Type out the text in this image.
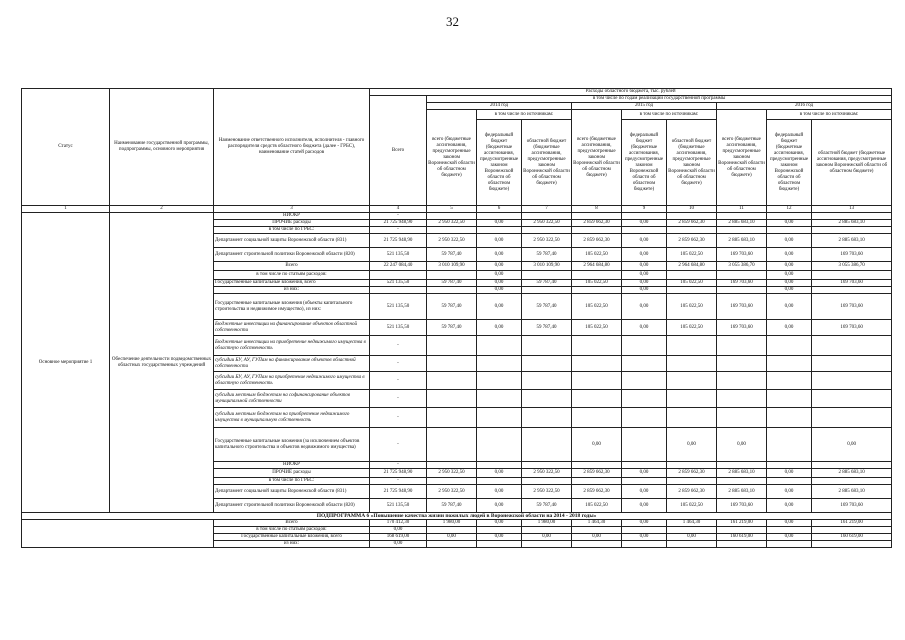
32
Статус	Наименование государственной программы, подпрограммы, основного мероприятия	Наименование ответственного исполнителя, исполнителя - главного распорядителя средств областного бюджета (далее - ГРБС), наименование статей расходов	Расходы областного бюджета, тыс. рублей									
			Всего	в том числе по годам реализации государственной программы								
				2014 год			2015 год			2016 год		
				всего (бюджетные ассигнования, предусмотренные законом Воронежской области об областном бюджете)	в том числе по источникам:		всего (бюджетные ассигнования, предусмотренные законом Воронежской области об областном бюджете)	в том числе по источникам:		всего (бюджетные ассигнования, предусмотренные законом Воронежской области об областном бюджете)	в том числе по источникам:	
					федеральный бюджет (бюджетные ассигнования, предусмотренные законом Воронежской области об областном бюджете)	областной бюджет (бюджетные ассигнования, предусмотренные законом Воронежской области об областном бюджете)		федеральный бюджет (бюджетные ассигнования, предусмотренные законом Воронежской области об областном бюджете)	областной бюджет (бюджетные ассигнования, предусмотренные законом Воронежской области об областном бюджете)		федеральный бюджет (бюджетные ассигнования, предусмотренные законом Воронежской области об областном бюджете)	областной бюджет (бюджетные ассигнования, предусмотренные законом Воронежской области об областном бюджете)
1	2	3	4	5	6	7	8	9	10	11	12	13
Основное мероприятие 1	Обеспечение деятельности подведомственных областных государственных учреждений	НИОКР	-									
		ПРОЧИЕ расходы	21 725 948,90	2 950 322,50	0,00	2 950 322,50	2 859 662,30	0,00	2 859 662,30	2 885 683,10	0,00	2 885 683,10
		в том числе по ГРБС:	-									
		Департамент социальной защиты Воронежской области (831)	21 725 948,90	2 950 322,50	0,00	2 950 322,50	2 859 662,30	0,00	2 859 662,30	2 885 683,10	0,00	2 885 683,10
		Департамент строительной политики Воронежской области (820)	521 135,50	59 787,40	0,00	59 787,40	105 022,50	0,00	105 022,50	169 703,60	0,00	169 703,60
		Всего	22 247 084,40	3 010 109,90	0,00	3 010 109,90	2 964 684,80	0,00	2 964 684,80	3 055 386,70	0,00	3 055 386,70
		в том числе по статьям расходов:			0,00			0,00			0,00	
		Государственные капитальные вложения, всего	521 135,50	59 787,40	0,00	59 787,40	105 022,50	0,00	105 022,50	169 703,60	0,00	169 703,60
		из них:			0,00			0,00			0,00	
		Государственные капитальные вложения (объекты капитального строительства и недвижимое имущество), из них:	521 135,50	59 787,40	0,00	59 787,40	105 022,50	0,00	105 022,50	169 703,60	0,00	169 703,60
		Бюджетные инвестиции на финансирование объектов областной собственности	521 135,50	59 787,40	0,00	59 787,40	105 022,50	0,00	105 022,50	169 703,60	0,00	169 703,60
		Бюджетные инвестиции на приобретение недвижимого имущества в областную собственность	-									
		субсидии БУ, АУ, ГУПам на финансирование объектов областной собственности	-									
		субсидии БУ, АУ, ГУПам на приобретение недвижимого имущества в областную собственность	-									
		субсидии местным бюджетам на софинансирование объектов муниципальной собственности	-									
		субсидии местным бюджетам на приобретение недвижимого имущества в муниципальную собственность	-									
		Государственные капитальные вложения (за исключением объектов капитального строительства и объектов недвижимого имущества)	-				0,00		0,00	0,00		0,00
		НИОКР	-									
		ПРОЧИЕ расходы	21 725 948,90	2 950 322,50	0,00	2 950 322,50	2 859 662,30	0,00	2 859 662,30	2 885 683,10	0,00	2 885 683,10
		в том числе по ГРБС:	-									
		Департамент социальной защиты Воронежской области (831)	21 725 948,90	2 950 322,50	0,00	2 950 322,50	2 859 662,30	0,00	2 859 662,30	2 885 683,10	0,00	2 885 683,10
		Департамент строительной политики Воронежской области (820)	521 135,50	59 787,40	0,00	59 787,40	105 022,50	0,00	105 022,50	169 703,60	0,00	169 703,60
ПОДПРОГРАММА 6 «Повышение качества жизни пожилых людей в Воронежской области на 2014 - 2018 годы»												
		Всего	170 412,30	1 980,00	0,00	1 980,00	1 464,30	0,00	1 464,30	161 219,00	0,00	161 219,00
		в том числе по статьям расходов:	0,00									
		Государственные капитальные вложения, всего	168 619,00	0,00	0,00	0,00	0,00	0,00	0,00	160 619,00	0,00	160 619,00
		из них:	0,00									
